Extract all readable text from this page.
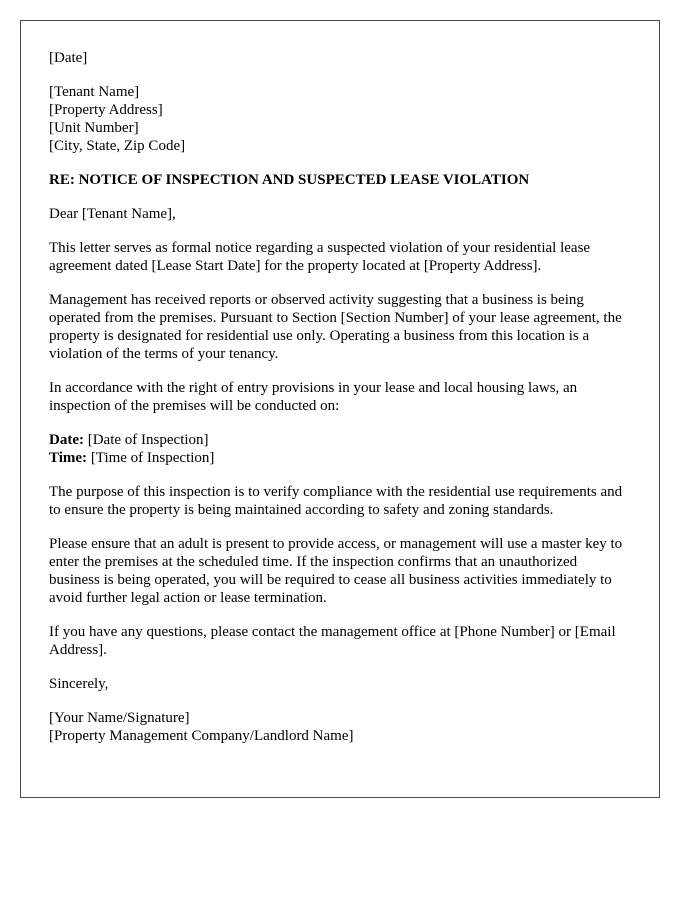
[Date]
[Tenant Name]
[Property Address]
[Unit Number]
[City, State, Zip Code]
RE: NOTICE OF INSPECTION AND SUSPECTED LEASE VIOLATION

Dear [Tenant Name],

This letter serves as formal notice regarding a suspected violation of your residential lease agreement dated [Lease Start Date] for the property located at [Property Address].

Management has received reports or observed activity suggesting that a business is being operated from the premises. Pursuant to Section [Section Number] of your lease agreement, the property is designated for residential use only. Operating a business from this location is a violation of the terms of your tenancy.

In accordance with the right of entry provisions in your lease and local housing laws, an inspection of the premises will be conducted on:

Date: [Date of Inspection]
Time: [Time of Inspection]

The purpose of this inspection is to verify compliance with the residential use requirements and to ensure the property is being maintained according to safety and zoning standards.

Please ensure that an adult is present to provide access, or management will use a master key to enter the premises at the scheduled time. If the inspection confirms that an unauthorized business is being operated, you will be required to cease all business activities immediately to avoid further legal action or lease termination.

If you have any questions, please contact the management office at [Phone Number] or [Email Address].

Sincerely,

[Your Name/Signature]
[Property Management Company/Landlord Name]
